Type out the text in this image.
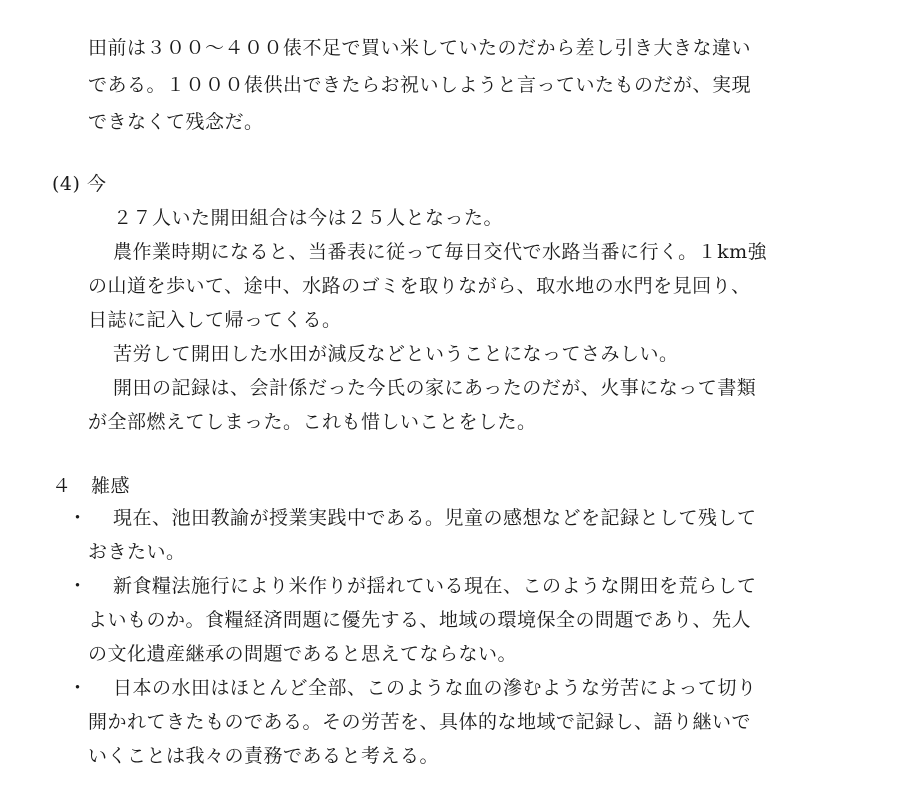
田前は３００～４００俵不足で買い米していたのだから差し引き大きな違い
である。１０００俵供出できたらお祝いしようと言っていたものだが、実現
できなくて残念だ。
(4) 今
２７人いた開田組合は今は２５人となった。
農作業時期になると、当番表に従って毎日交代で水路当番に行く。１km強
の山道を歩いて、途中、水路のゴミを取りながら、取水地の水門を見回り、
日誌に記入して帰ってくる。
苦労して開田した水田が減反などということになってさみしい。
開田の記録は、会計係だった今氏の家にあったのだが、火事になって書類
が全部燃えてしまった。これも惜しいことをした。
４　雑感
・ 現在、池田教諭が授業実践中である。児童の感想などを記録として残して
おきたい。
・ 新食糧法施行により米作りが揺れている現在、このような開田を荒らして
よいものか。食糧経済問題に優先する、地域の環境保全の問題であり、先人
の文化遺産継承の問題であると思えてならない。
・ 日本の水田はほとんど全部、このような血の滲むような労苦によって切り
開かれてきたものである。その労苦を、具体的な地域で記録し、語り継いで
いくことは我々の責務であると考える。
